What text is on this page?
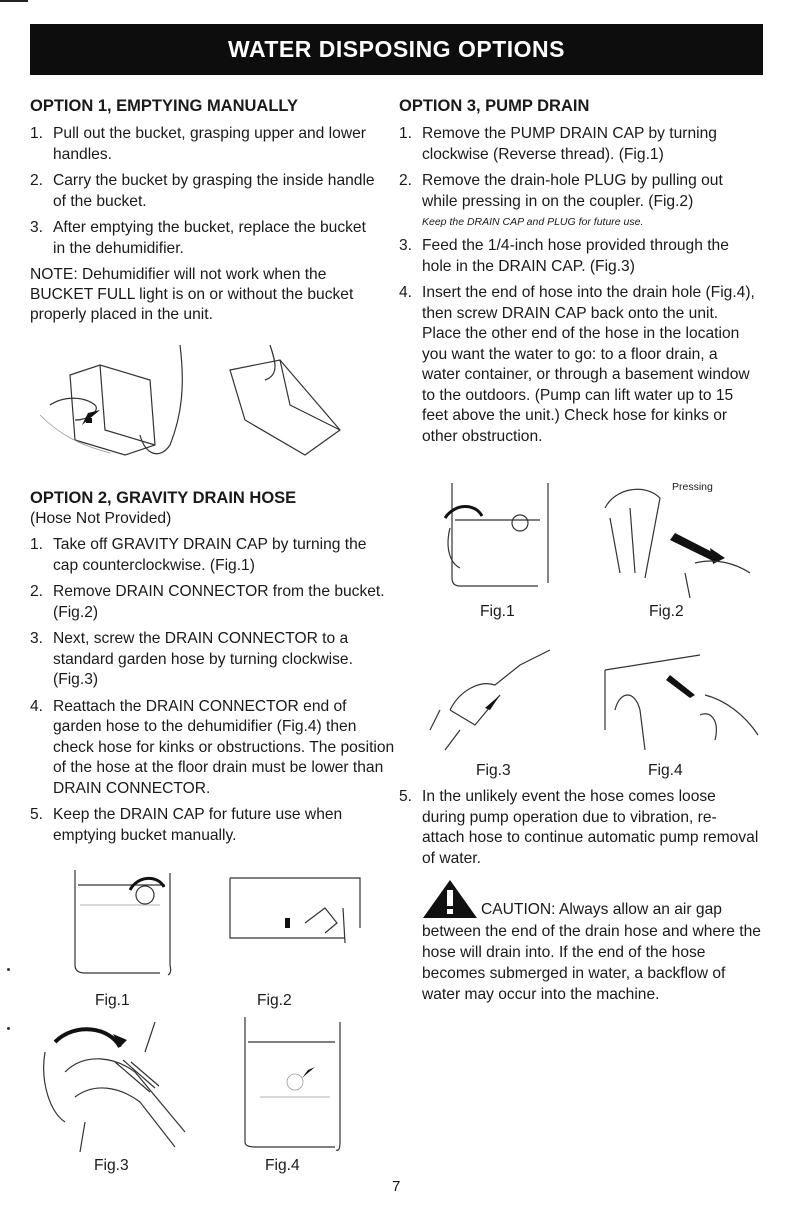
WATER DISPOSING OPTIONS

OPTION 1, EMPTYING MANUALLY

1. Pull out the bucket, grasping upper and lower handles.
2. Carry the bucket by grasping the inside handle of the bucket.
3. After emptying the bucket, replace the bucket in the dehumidifier.

NOTE: Dehumidifier will not work when the BUCKET FULL light is on or without the bucket properly placed in the unit.

OPTION 2, GRAVITY DRAIN HOSE

(Hose Not Provided)

1. Take off GRAVITY DRAIN CAP by turning the cap counterclockwise. (Fig.1)
2. Remove DRAIN CONNECTOR from the bucket. (Fig.2)
3. Next, screw the DRAIN CONNECTOR to a standard garden hose by turning clockwise. (Fig.3)
4. Reattach the DRAIN CONNECTOR end of garden hose to the dehumidifier (Fig.4) then check hose for kinks or obstructions. The position of the hose at the floor drain must be lower than DRAIN CONNECTOR.
5. Keep the DRAIN CAP for future use when emptying bucket manually.
Fig.1	Fig.2
Fig.3	Fig.4

OPTION 3, PUMP DRAIN

1. Remove the PUMP DRAIN CAP by turning clockwise (Reverse thread). (Fig.1)
2. Remove the drain-hole PLUG by pulling out while pressing in on the coupler. (Fig.2)

Keep the DRAIN CAP and PLUG for future use.

3. Feed the 1/4-inch hose provided through the hole in the DRAIN CAP. (Fig.3)
4. Insert the end of hose into the drain hole (Fig.4), then screw DRAIN CAP back onto the unit. Place the other end of the hose in the location you want the water to go: to a floor drain, a water container, or through a basement window to the outdoors. (Pump can lift water up to 15 feet above the unit.) Check hose for kinks or other obstruction.
Fig.1
Pressing
Fig.2
Fig.3	Fig.4
5. In the unlikely event the hose comes loose during pump operation due to vibration, re-attach hose to continue automatic pump removal of water.
CAUTION: Always allow an air gap
between the end of the drain hose and where the hose will drain into. If the end of the hose becomes submerged in water, a backflow of water may occur into the machine.
7
